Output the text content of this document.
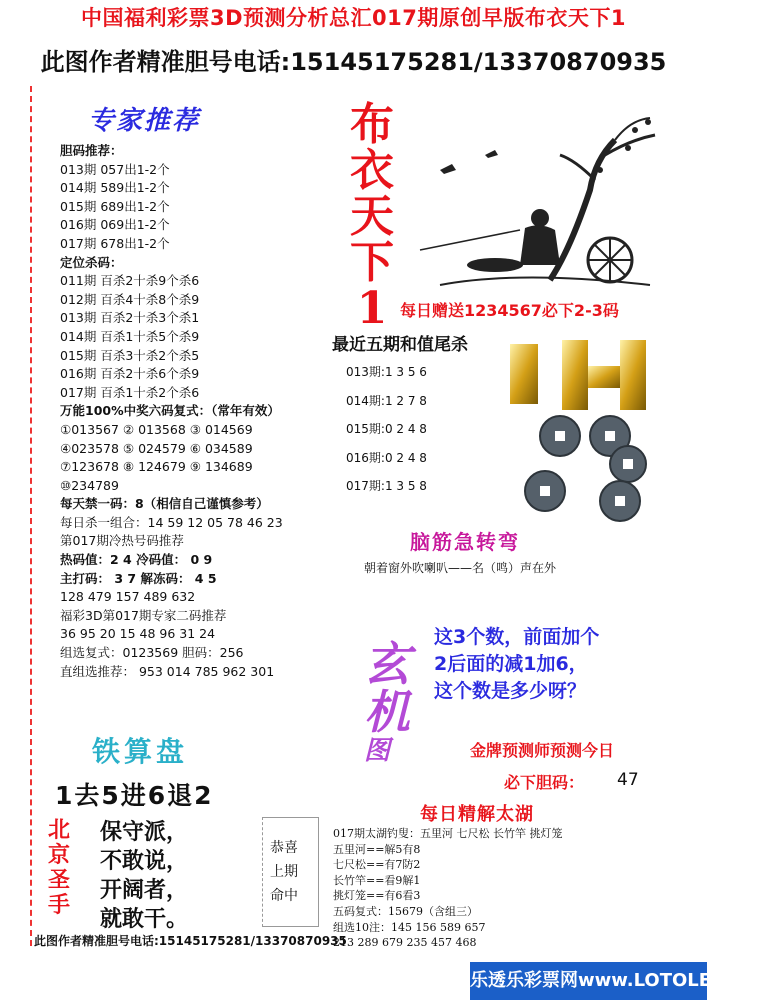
中国福利彩票3D预测分析总汇017期原创早版布衣天下1
此图作者精准胆号电话:15145175281/13370870935
专家推荐
胆码推荐：
013期 057出1-2个
014期 589出1-2个
015期 689出1-2个
016期 069出1-2个
017期 678出1-2个
定位杀码：
011期 百杀2十杀9个杀6
012期 百杀4十杀8个杀9
013期 百杀2十杀3个杀1
014期 百杀1十杀5个杀9
015期 百杀3十杀2个杀5
016期 百杀2十杀6个杀9
017期 百杀1十杀2个杀6
万能100%中奖六码复式：（常年有效）
①013567 ② 013568 ③ 014569
④023578 ⑤ 024579 ⑥ 034589
⑦123678 ⑧ 124679 ⑨ 134689
⑩234789
每天禁一码：8（相信自己谨慎参考）
每日杀一组合：14 59 12 05 78 46 23
第017期冷热号码推荐
热码值：2 4 冷码值： 0 9
主打码： 3 7 解冻码： 4 5
128 479 157 489 632
福彩3D第017期专家二码推荐
36 95 20 15 48 96 31 24
组选复式：0123569 胆码：256
直组选推荐： 953 014 785 962 301
铁算盘
1去5进6退2
北
京
圣
手
保守派，
不敢说，
开阔者，
就敢干。
恭喜
上期
命中
此图作者精准胆号电话:15145175281/13370870935
布
衣
天
下
1 每日赠送1234567必下2-3码
最近五期和值尾杀
013期:1 3 5 6
014期:1 2 7 8
015期:0 2 4 8
016期:0 2 4 8
017期:1 3 5 8
脑筋急转弯
朝着窗外吹喇叭——名（鸣）声在外
玄
机
图
这3个数，前面加个
2后面的减1加6，
这个数是多少呀？
金牌预测师预测今日
必下胆码： 47
每日精解太湖
017期太湖钓叟：五里河 七尺松 长竹竿 挑灯笼
五里河==解5有8
七尺松==有7防2
长竹竿==看9解1
挑灯笼==有6看3
五码复式：15679（含组三）
组选10注：145 156 589 657
213 289 679 235 457 468
乐透乐彩票网www.LOTOLE.com
